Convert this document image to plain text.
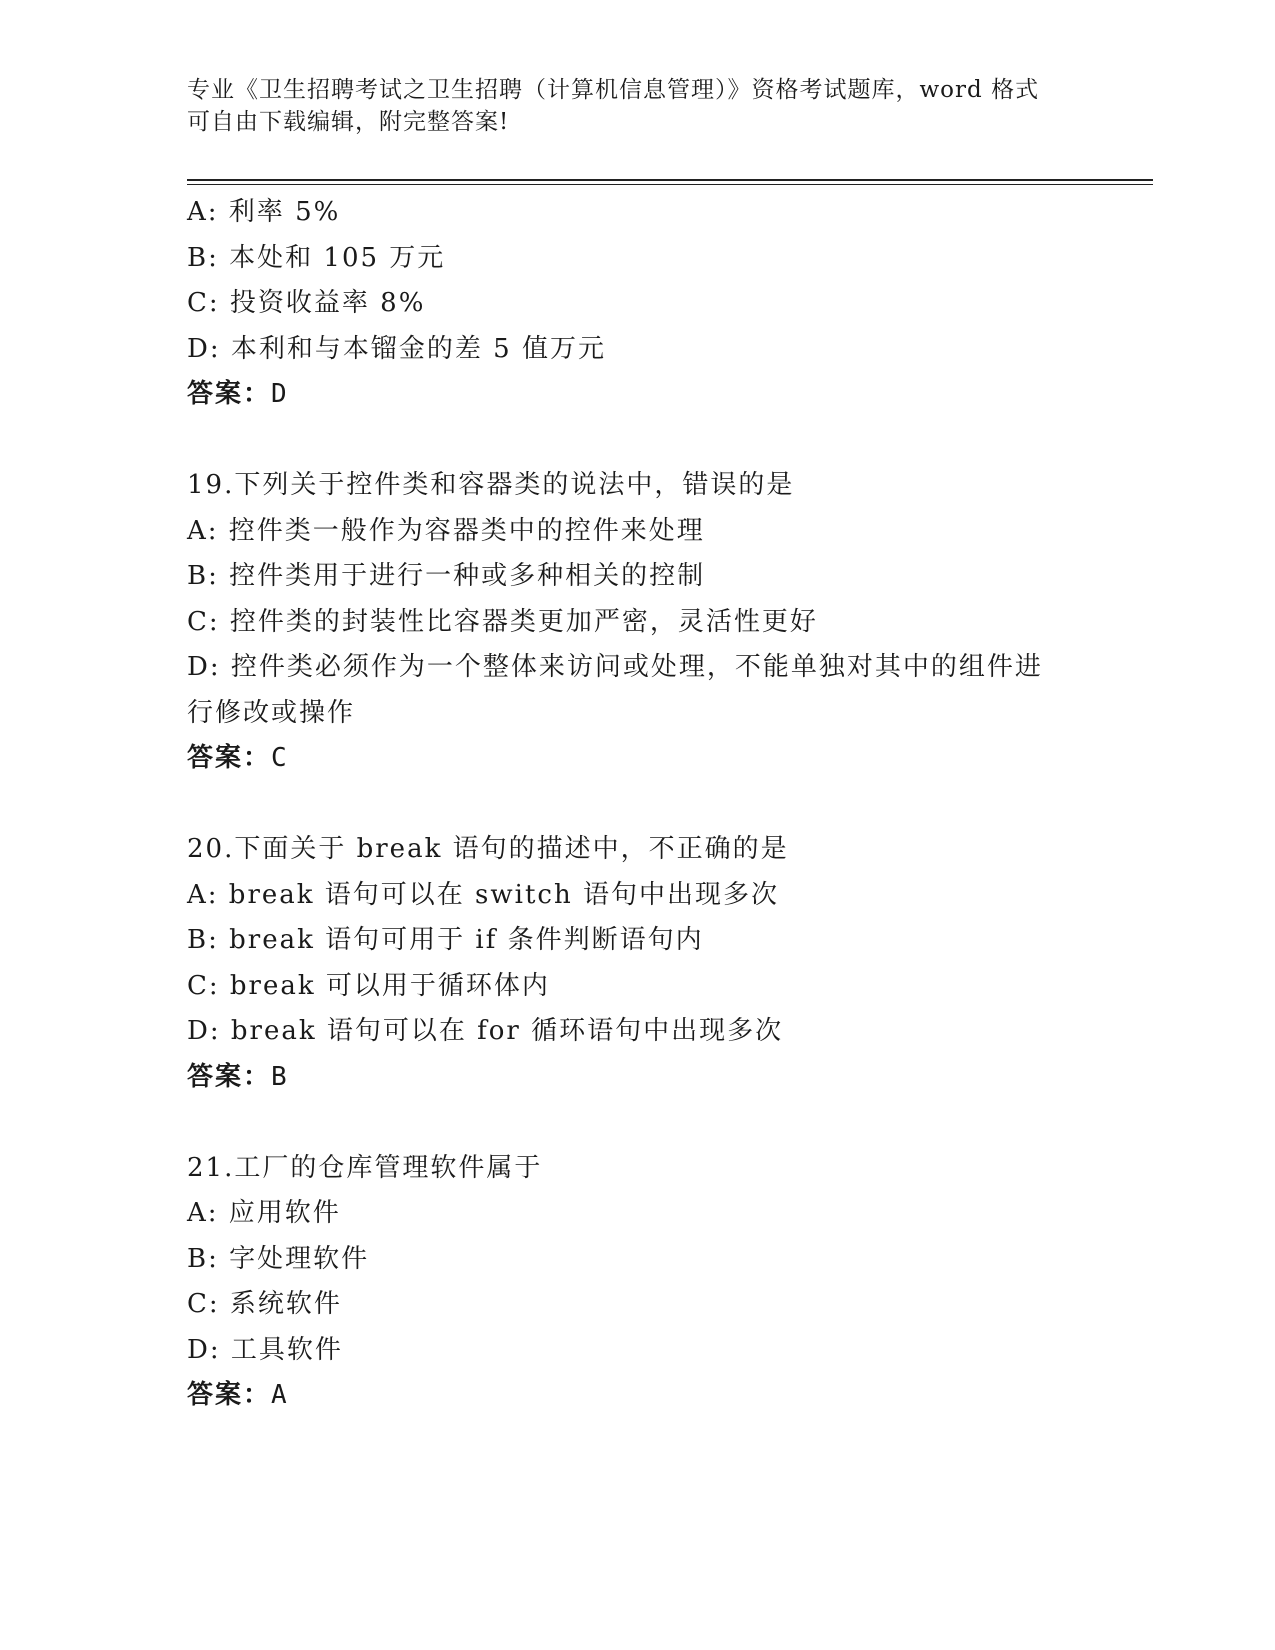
专业《卫生招聘考试之卫生招聘（计算机信息管理）》资格考试题库，word 格式
可自由下载编辑，附完整答案!
A: 利率 5%
B: 本处和 105 万元
C: 投资收益率 8%
D: 本利和与本镏金的差 5 值万元
答案：D
19.下列关于控件类和容器类的说法中，错误的是
A: 控件类一般作为容器类中的控件来处理
B: 控件类用于进行一种或多种相关的控制
C: 控件类的封装性比容器类更加严密，灵活性更好
D: 控件类必须作为一个整体来访问或处理，不能单独对其中的组件进
行修改或操作
答案：C
20.下面关于 break 语句的描述中，不正确的是
A: break 语句可以在 switch 语句中出现多次
B: break 语句可用于 if 条件判断语句内
C: break 可以用于循环体内
D: break 语句可以在 for 循环语句中出现多次
答案：B
21.工厂的仓库管理软件属于
A: 应用软件
B: 字处理软件
C: 系统软件
D: 工具软件
答案：A
